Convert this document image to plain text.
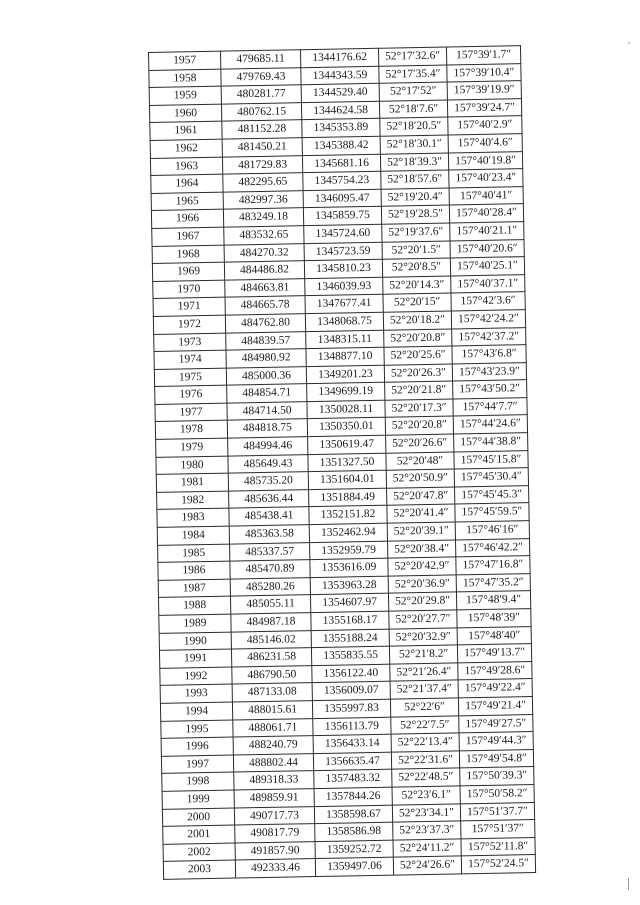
1957	479685.11	1344176.62	52°17′32.6″	157°39′1.7″
1958	479769.43	1344343.59	52°17′35.4″	157°39′10.4″
1959	480281.77	1344529.40	52°17′52″	157°39′19.9″
1960	480762.15	1344624.58	52°18′7.6″	157°39′24.7″
1961	481152.28	1345353.89	52°18′20.5″	157°40′2.9″
1962	481450.21	1345388.42	52°18′30.1″	157°40′4.6″
1963	481729.83	1345681.16	52°18′39.3″	157°40′19.8″
1964	482295.65	1345754.23	52°18′57.6″	157°40′23.4″
1965	482997.36	1346095.47	52°19′20.4″	157°40′41″
1966	483249.18	1345859.75	52°19′28.5″	157°40′28.4″
1967	483532.65	1345724.60	52°19′37.6″	157°40′21.1″
1968	484270.32	1345723.59	52°20′1.5″	157°40′20.6″
1969	484486.82	1345810.23	52°20′8.5″	157°40′25.1″
1970	484663.81	1346039.93	52°20′14.3″	157°40′37.1″
1971	484665.78	1347677.41	52°20′15″	157°42′3.6″
1972	484762.80	1348068.75	52°20′18.2″	157°42′24.2″
1973	484839.57	1348315.11	52°20′20.8″	157°42′37.2″
1974	484980.92	1348877.10	52°20′25.6″	157°43′6.8″
1975	485000.36	1349201.23	52°20′26.3″	157°43′23.9″
1976	484854.71	1349699.19	52°20′21.8″	157°43′50.2″
1977	484714.50	1350028.11	52°20′17.3″	157°44′7.7″
1978	484818.75	1350350.01	52°20′20.8″	157°44′24.6″
1979	484994.46	1350619.47	52°20′26.6″	157°44′38.8″
1980	485649.43	1351327.50	52°20′48″	157°45′15.8″
1981	485735.20	1351604.01	52°20′50.9″	157°45′30.4″
1982	485636.44	1351884.49	52°20′47.8″	157°45′45.3″
1983	485438.41	1352151.82	52°20′41.4″	157°45′59.5″
1984	485363.58	1352462.94	52°20′39.1″	157°46′16″
1985	485337.57	1352959.79	52°20′38.4″	157°46′42.2″
1986	485470.89	1353616.09	52°20′42.9″	157°47′16.8″
1987	485280.26	1353963.28	52°20′36.9″	157°47′35.2″
1988	485055.11	1354607.97	52°20′29.8″	157°48′9.4″
1989	484987.18	1355168.17	52°20′27.7″	157°48′39″
1990	485146.02	1355188.24	52°20′32.9″	157°48′40″
1991	486231.58	1355835.55	52°21′8.2″	157°49′13.7″
1992	486790.50	1356122.40	52°21′26.4″	157°49′28.6″
1993	487133.08	1356009.07	52°21′37.4″	157°49′22.4″
1994	488015.61	1355997.83	52°22′6″	157°49′21.4″
1995	488061.71	1356113.79	52°22′7.5″	157°49′27.5″
1996	488240.79	1356433.14	52°22′13.4″	157°49′44.3″
1997	488802.44	1356635.47	52°22′31.6″	157°49′54.8″
1998	489318.33	1357483.32	52°22′48.5″	157°50′39.3″
1999	489859.91	1357844.26	52°23′6.1″	157°50′58.2″
2000	490717.73	1358598.67	52°23′34.1″	157°51′37.7″
2001	490817.79	1358586.98	52°23′37.3″	157°51′37″
2002	491857.90	1359252.72	52°24′11.2″	157°52′11.8″
2003	492333.46	1359497.06	52°24′26.6″	157°52′24.5″
